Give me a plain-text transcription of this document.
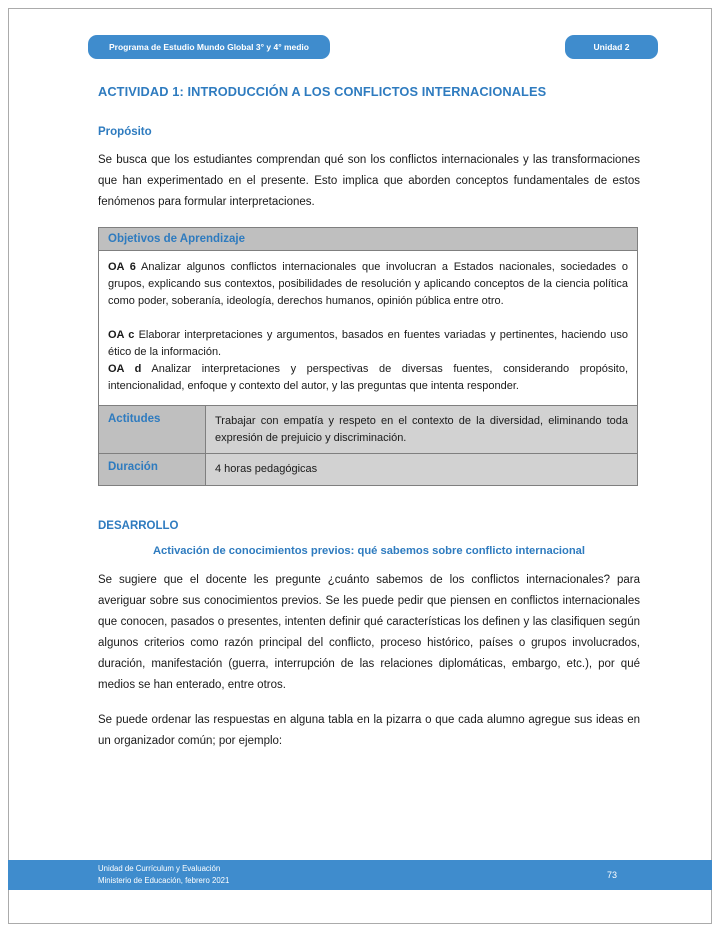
Programa de Estudio Mundo Global 3° y 4° medio	Unidad 2
ACTIVIDAD 1: INTRODUCCIÓN A LOS CONFLICTOS INTERNACIONALES
Propósito

Se busca que los estudiantes comprendan qué son los conflictos internacionales y las transformaciones que han experimentado en el presente. Esto implica que aborden conceptos fundamentales de estos fenómenos para formular interpretaciones.

Objetivos de Aprendizaje	

OA 6 Analizar algunos conflictos internacionales que involucran a Estados nacionales, sociedades o grupos, explicando sus contextos, posibilidades de resolución y aplicando conceptos de la ciencia política como poder, soberanía, ideología, derechos humanos, opinión pública entre otro.

OA c Elaborar interpretaciones y argumentos, basados en fuentes variadas y pertinentes, haciendo uso ético de la información.

OA d Analizar interpretaciones y perspectivas de diversas fuentes, considerando propósito, intencionalidad, enfoque y contexto del autor, y las preguntas que intenta responder.	

Actitudes	Trabajar con empatía y respeto en el contexto de la diversidad, eliminando toda expresión de prejuicio y discriminación.
Duración	4 horas pedagógicas
DESARROLLO
Activación de conocimientos previos: qué sabemos sobre conflicto internacional

Se sugiere que el docente les pregunte ¿cuánto sabemos de los conflictos internacionales? para averiguar sobre sus conocimientos previos. Se les puede pedir que piensen en conflictos internacionales que conocen, pasados o presentes, intenten definir qué características los definen y las clasifiquen según algunos criterios como razón principal del conflicto, proceso histórico, países o grupos involucrados, duración, manifestación (guerra, interrupción de las relaciones diplomáticas, embargo, etc.), por qué medios se han enterado, entre otros.

Se puede ordenar las respuestas en alguna tabla en la pizarra o que cada alumno agregue sus ideas en un organizador común; por ejemplo:

Unidad de Currículum y Evaluación
Ministerio de Educación, febrero 2021
73
